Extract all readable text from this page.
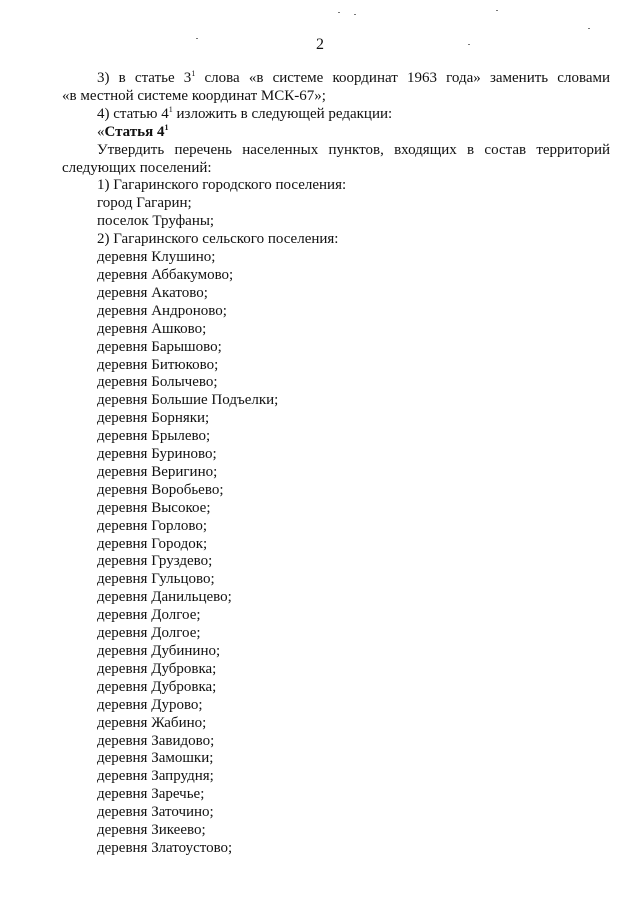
2

3) в статье $3^1$ слова «в системе координат 1963 года» заменить словами

«в местной системе координат МСК-67»;

4) статью $4^1$ изложить в следующей редакции:

«Статья $4^1$

Утвердить перечень населенных пунктов, входящих в состав территорий

следующих поселений:

1) Гагаринского городского поселения:

город Гагарин;

поселок Труфаны;

2) Гагаринского сельского поселения:

деревня Клушино;

деревня Аббакумово;

деревня Акатово;

деревня Андроново;

деревня Ашково;

деревня Барышово;

деревня Битюково;

деревня Болычево;

деревня Большие Подъелки;

деревня Борняки;

деревня Брылево;

деревня Буриново;

деревня Веригино;

деревня Воробьево;

деревня Высокое;

деревня Горлово;

деревня Городок;

деревня Груздево;

деревня Гульцово;

деревня Данильцево;

деревня Долгое;

деревня Долгое;

деревня Дубинино;

деревня Дубровка;

деревня Дубровка;

деревня Дурово;

деревня Жабино;

деревня Завидово;

деревня Замошки;

деревня Запрудня;

деревня Заречье;

деревня Заточино;

деревня Зикеево;

деревня Златоустово;
